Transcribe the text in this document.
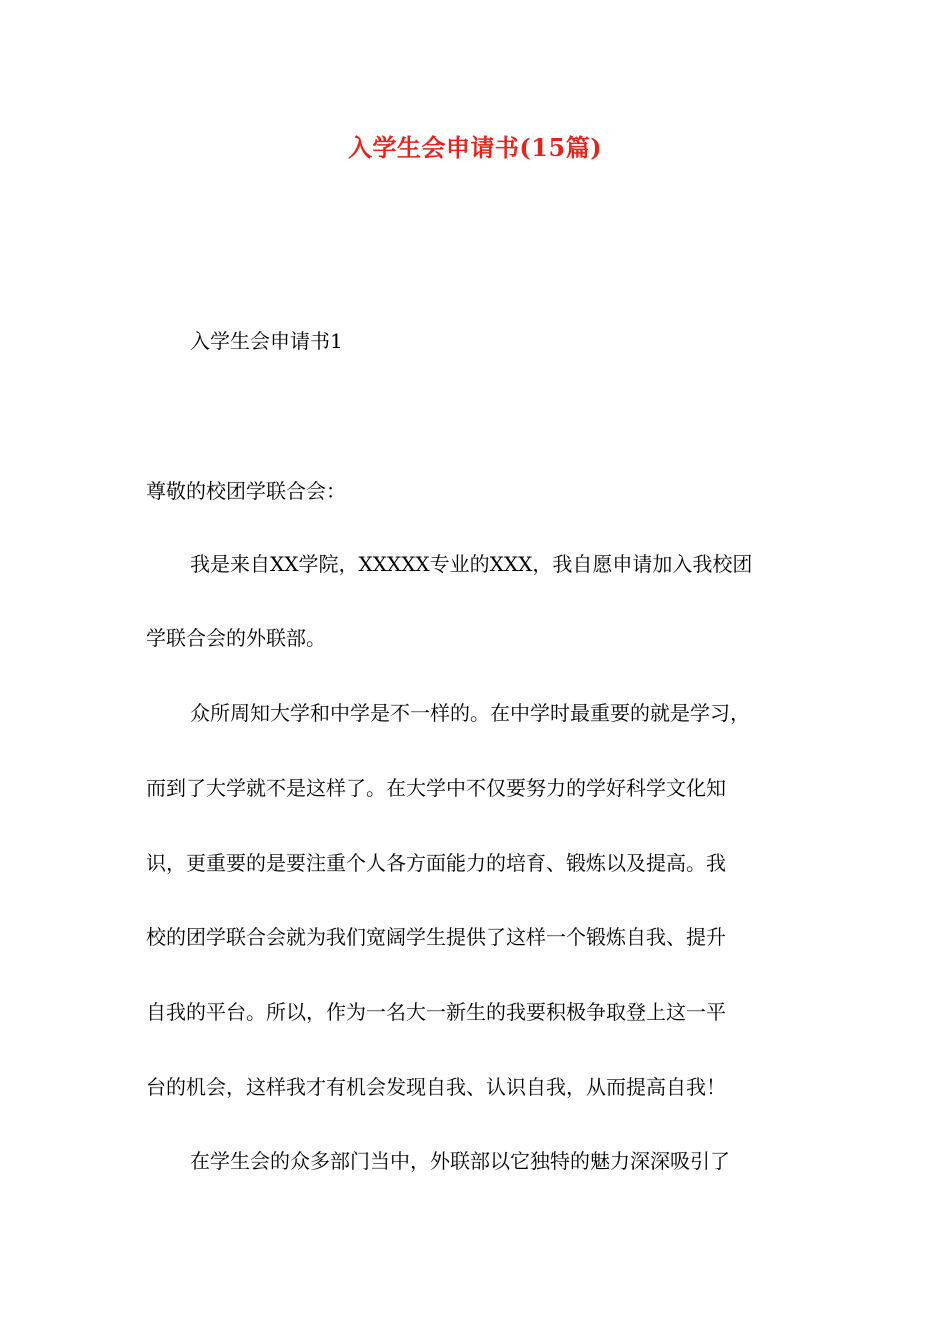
入学生会申请书(15篇)
入学生会申请书1
尊敬的校团学联合会：
我是来自XX学院，XXXXX专业的XXX，我自愿申请加入我校团
学联合会的外联部。
众所周知大学和中学是不一样的。在中学时最重要的就是学习，
而到了大学就不是这样了。在大学中不仅要努力的学好科学文化知
识，更重要的是要注重个人各方面能力的培育、锻炼以及提高。我
校的团学联合会就为我们宽阔学生提供了这样一个锻炼自我、提升
自我的平台。所以，作为一名大一新生的我要积极争取登上这一平
台的机会，这样我才有机会发现自我、认识自我，从而提高自我！
在学生会的众多部门当中，外联部以它独特的魅力深深吸引了
